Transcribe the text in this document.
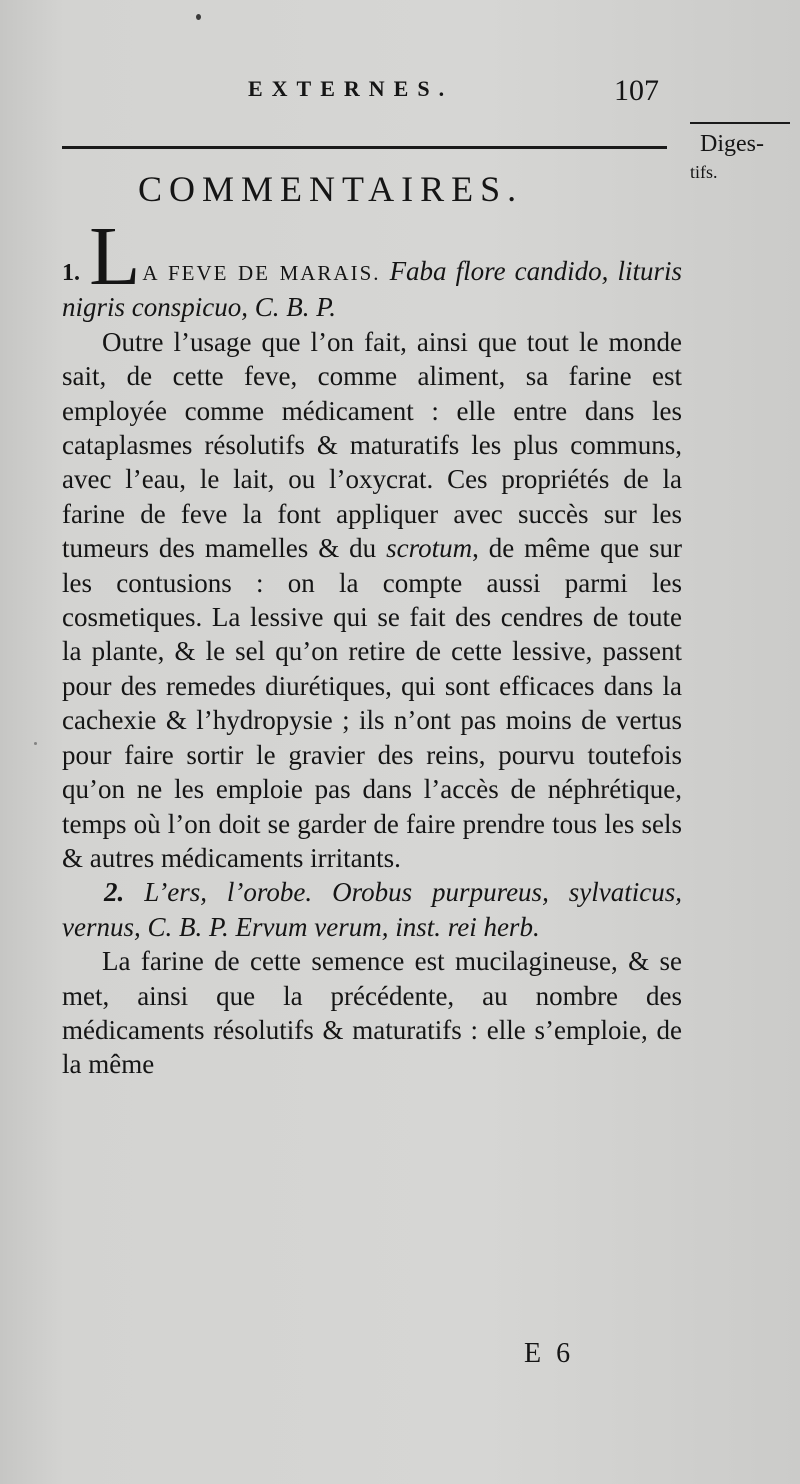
EXTERNES.	107
Diges-
tifs.
COMMENTAIRES.

1. LA FEVE DE MARAIS. Faba flore candido, lituris nigris conspicuo, C. B. P.

Outre l’usage que l’on fait, ainsi que tout le monde sait, de cette feve, comme aliment, sa farine est employée comme médicament : elle entre dans les cataplasmes résolutifs & maturatifs les plus communs, avec l’eau, le lait, ou l’oxycrat. Ces propriétés de la farine de feve la font appliquer avec succès sur les tumeurs des mamelles & du scrotum, de même que sur les contusions : on la compte aussi parmi les cosmetiques. La lessive qui se fait des cendres de toute la plante, & le sel qu’on retire de cette lessive, passent pour des remedes diurétiques, qui sont efficaces dans la cachexie & l’hydropysie ; ils n’ont pas moins de vertus pour faire sortir le gravier des reins, pourvu toutefois qu’on ne les emploie pas dans l’accès de néphrétique, temps où l’on doit se garder de faire prendre tous les sels & autres médicaments irritants.

2. L’ers, l’orobe. Orobus purpureus, sylvaticus, vernus, C. B. P. Ervum verum, inst. rei herb.

La farine de cette semence est mucilagineuse, & se met, ainsi que la précédente, au nombre des médicaments résolutifs & maturatifs : elle s’emploie, de la même

E 6
